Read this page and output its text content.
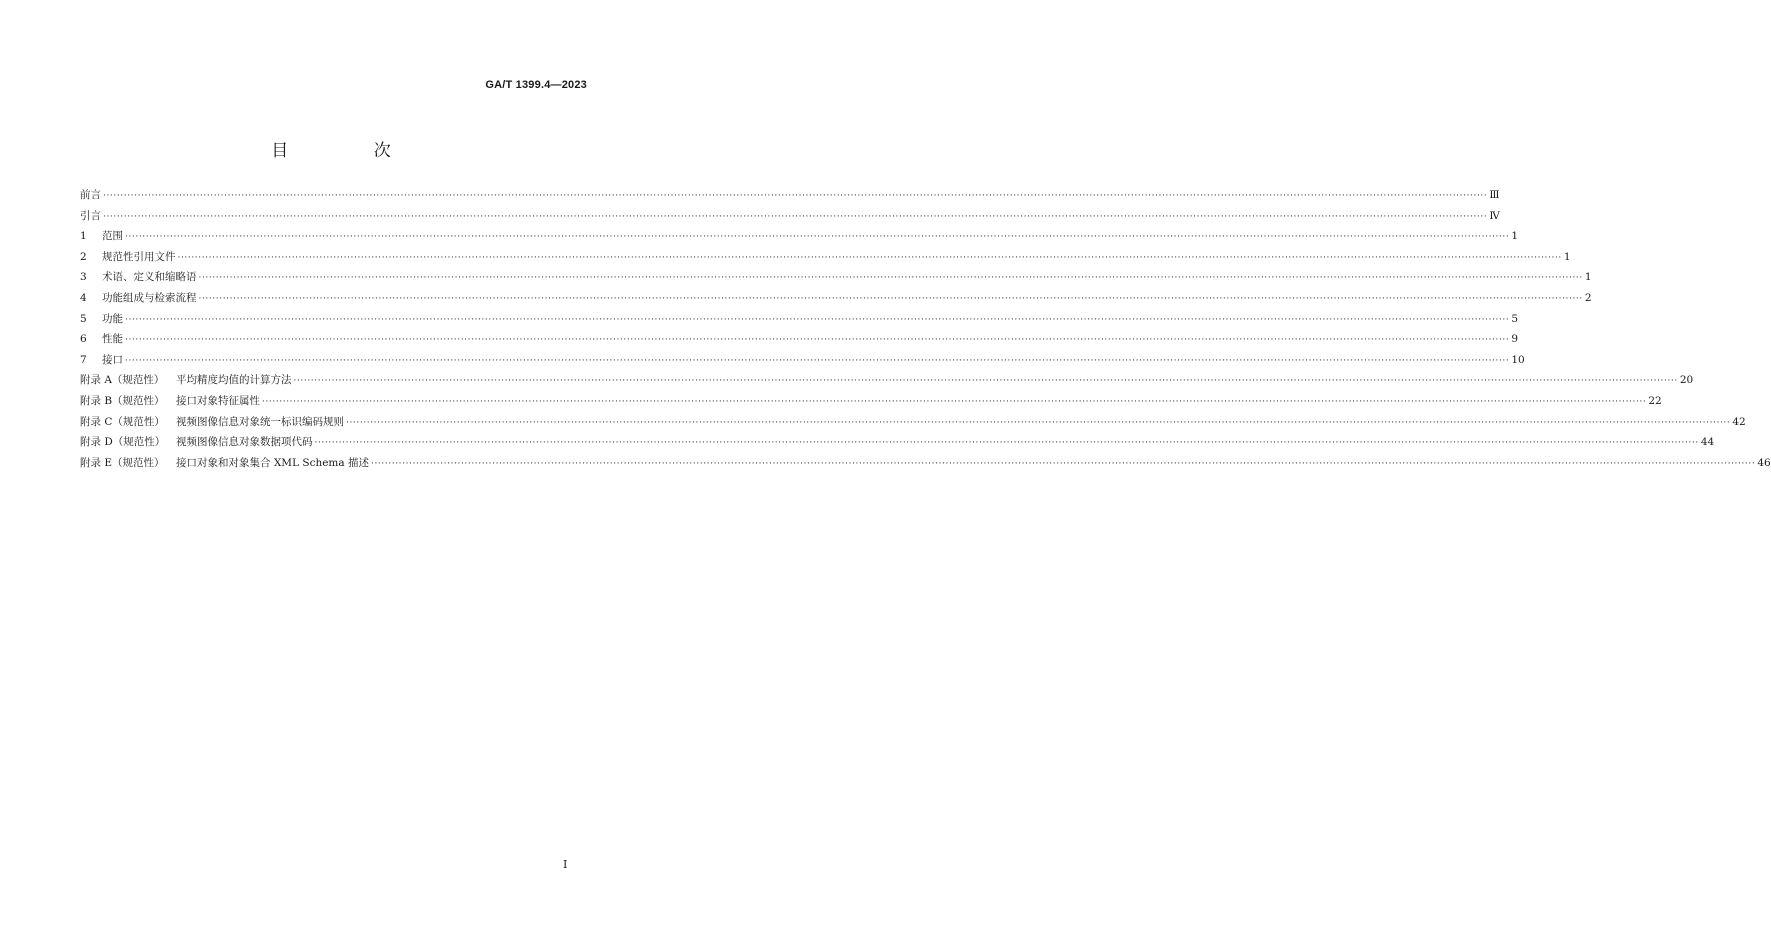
GA/T 1399.4—2023
目 次
前言 ················································································································································································································································································································································································································ Ⅲ
引言 ················································································································································································································································································································································································································ Ⅳ
1	范围 ················································································································································································································································································································································································································ 1
2	规范性引用文件 ················································································································································································································································································································································································································ 1
3	术语、定义和缩略语 ················································································································································································································································································································································································································ 1
4	功能组成与检索流程 ················································································································································································································································································································································································································ 2
5	功能 ················································································································································································································································································································································································································ 5
6	性能 ················································································································································································································································································································································································································ 9
7	接口 ················································································································································································································································································································································································································ 10
附录 A（规范性）	平均精度均值的计算方法 ················································································································································································································································································································································································································ 20
附录 B（规范性）	接口对象特征属性 ················································································································································································································································································································································································································ 22
附录 C（规范性）	视频图像信息对象统一标识编码规则 ················································································································································································································································································································································································································ 42
附录 D（规范性）	视频图像信息对象数据项代码 ················································································································································································································································································································································································································ 44
附录 E（规范性）	接口对象和对象集合 XML Schema 描述 ················································································································································································································································································································································································································ 46
I
